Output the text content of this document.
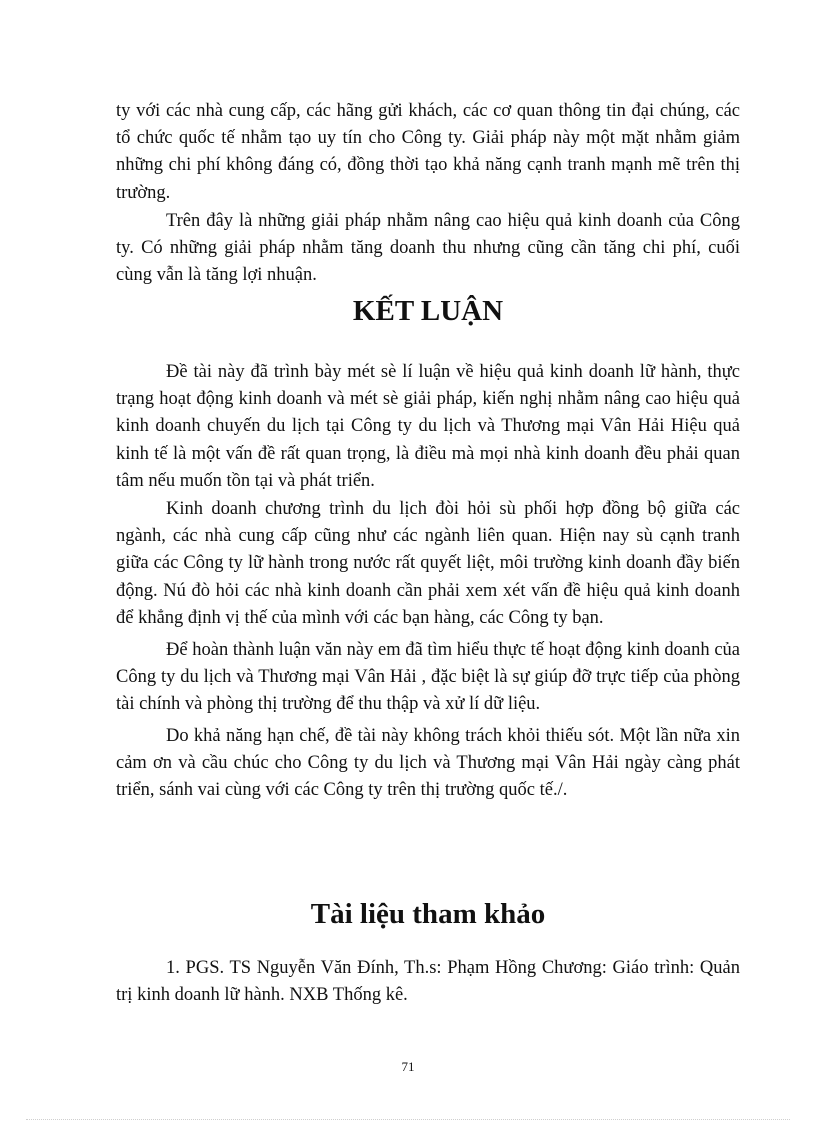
ty với các nhà cung cấp, các hãng gửi khách, các cơ quan thông tin đại chúng, các tổ chức quốc tế nhằm tạo uy tín cho Công ty. Giải pháp này một mặt nhằm giảm những chi phí không đáng có, đồng thời tạo khả năng cạnh tranh mạnh mẽ trên thị trường.

Trên đây là những giải pháp nhằm nâng cao hiệu quả kinh doanh của Công ty. Có những giải pháp nhằm tăng doanh thu nhưng cũng cần tăng chi phí, cuối cùng vẫn là tăng lợi nhuận.

KẾT LUẬN

Đề tài này đã trình bày mét sè lí luận về hiệu quả kinh doanh lữ hành, thực trạng hoạt động kinh doanh và mét sè giải pháp, kiến nghị nhằm nâng cao hiệu quả kinh doanh chuyến du lịch tại Công ty du lịch và Thương mại Vân Hải Hiệu quả kinh tế là một vấn đề rất quan trọng, là điều mà mọi nhà kinh doanh đều phải quan tâm nếu muốn tồn tại và phát triển.

Kinh doanh chương trình du lịch đòi hỏi sù phối hợp đồng bộ giữa các ngành, các nhà cung cấp cũng như các ngành liên quan. Hiện nay sù cạnh tranh giữa các Công ty lữ hành trong nước rất quyết liệt, môi trường kinh doanh đầy biến động. Nú đò hỏi các nhà kinh doanh cần phải xem xét vấn đề hiệu quả kinh doanh để khẳng định vị thế của mình với các bạn hàng, các Công ty bạn.

Để hoàn thành luận văn này em đã tìm hiểu thực tế hoạt động kinh doanh của Công ty du lịch và Thương mại Vân Hải , đặc biệt là sự giúp đỡ trực tiếp của phòng tài chính và phòng thị trường để thu thập và xử lí dữ liệu.

Do khả năng hạn chế, đề tài này không trách khỏi thiếu sót. Một lần nữa xin cảm ơn và cầu chúc cho Công ty du lịch và Thương mại Vân Hải ngày càng phát triển, sánh vai cùng với các Công ty trên thị trường quốc tế./.

Tài liệu tham khảo

1. PGS. TS Nguyễn Văn Đính, Th.s: Phạm Hồng Chương: Giáo trình: Quản trị kinh doanh lữ hành. NXB Thống kê.

71
